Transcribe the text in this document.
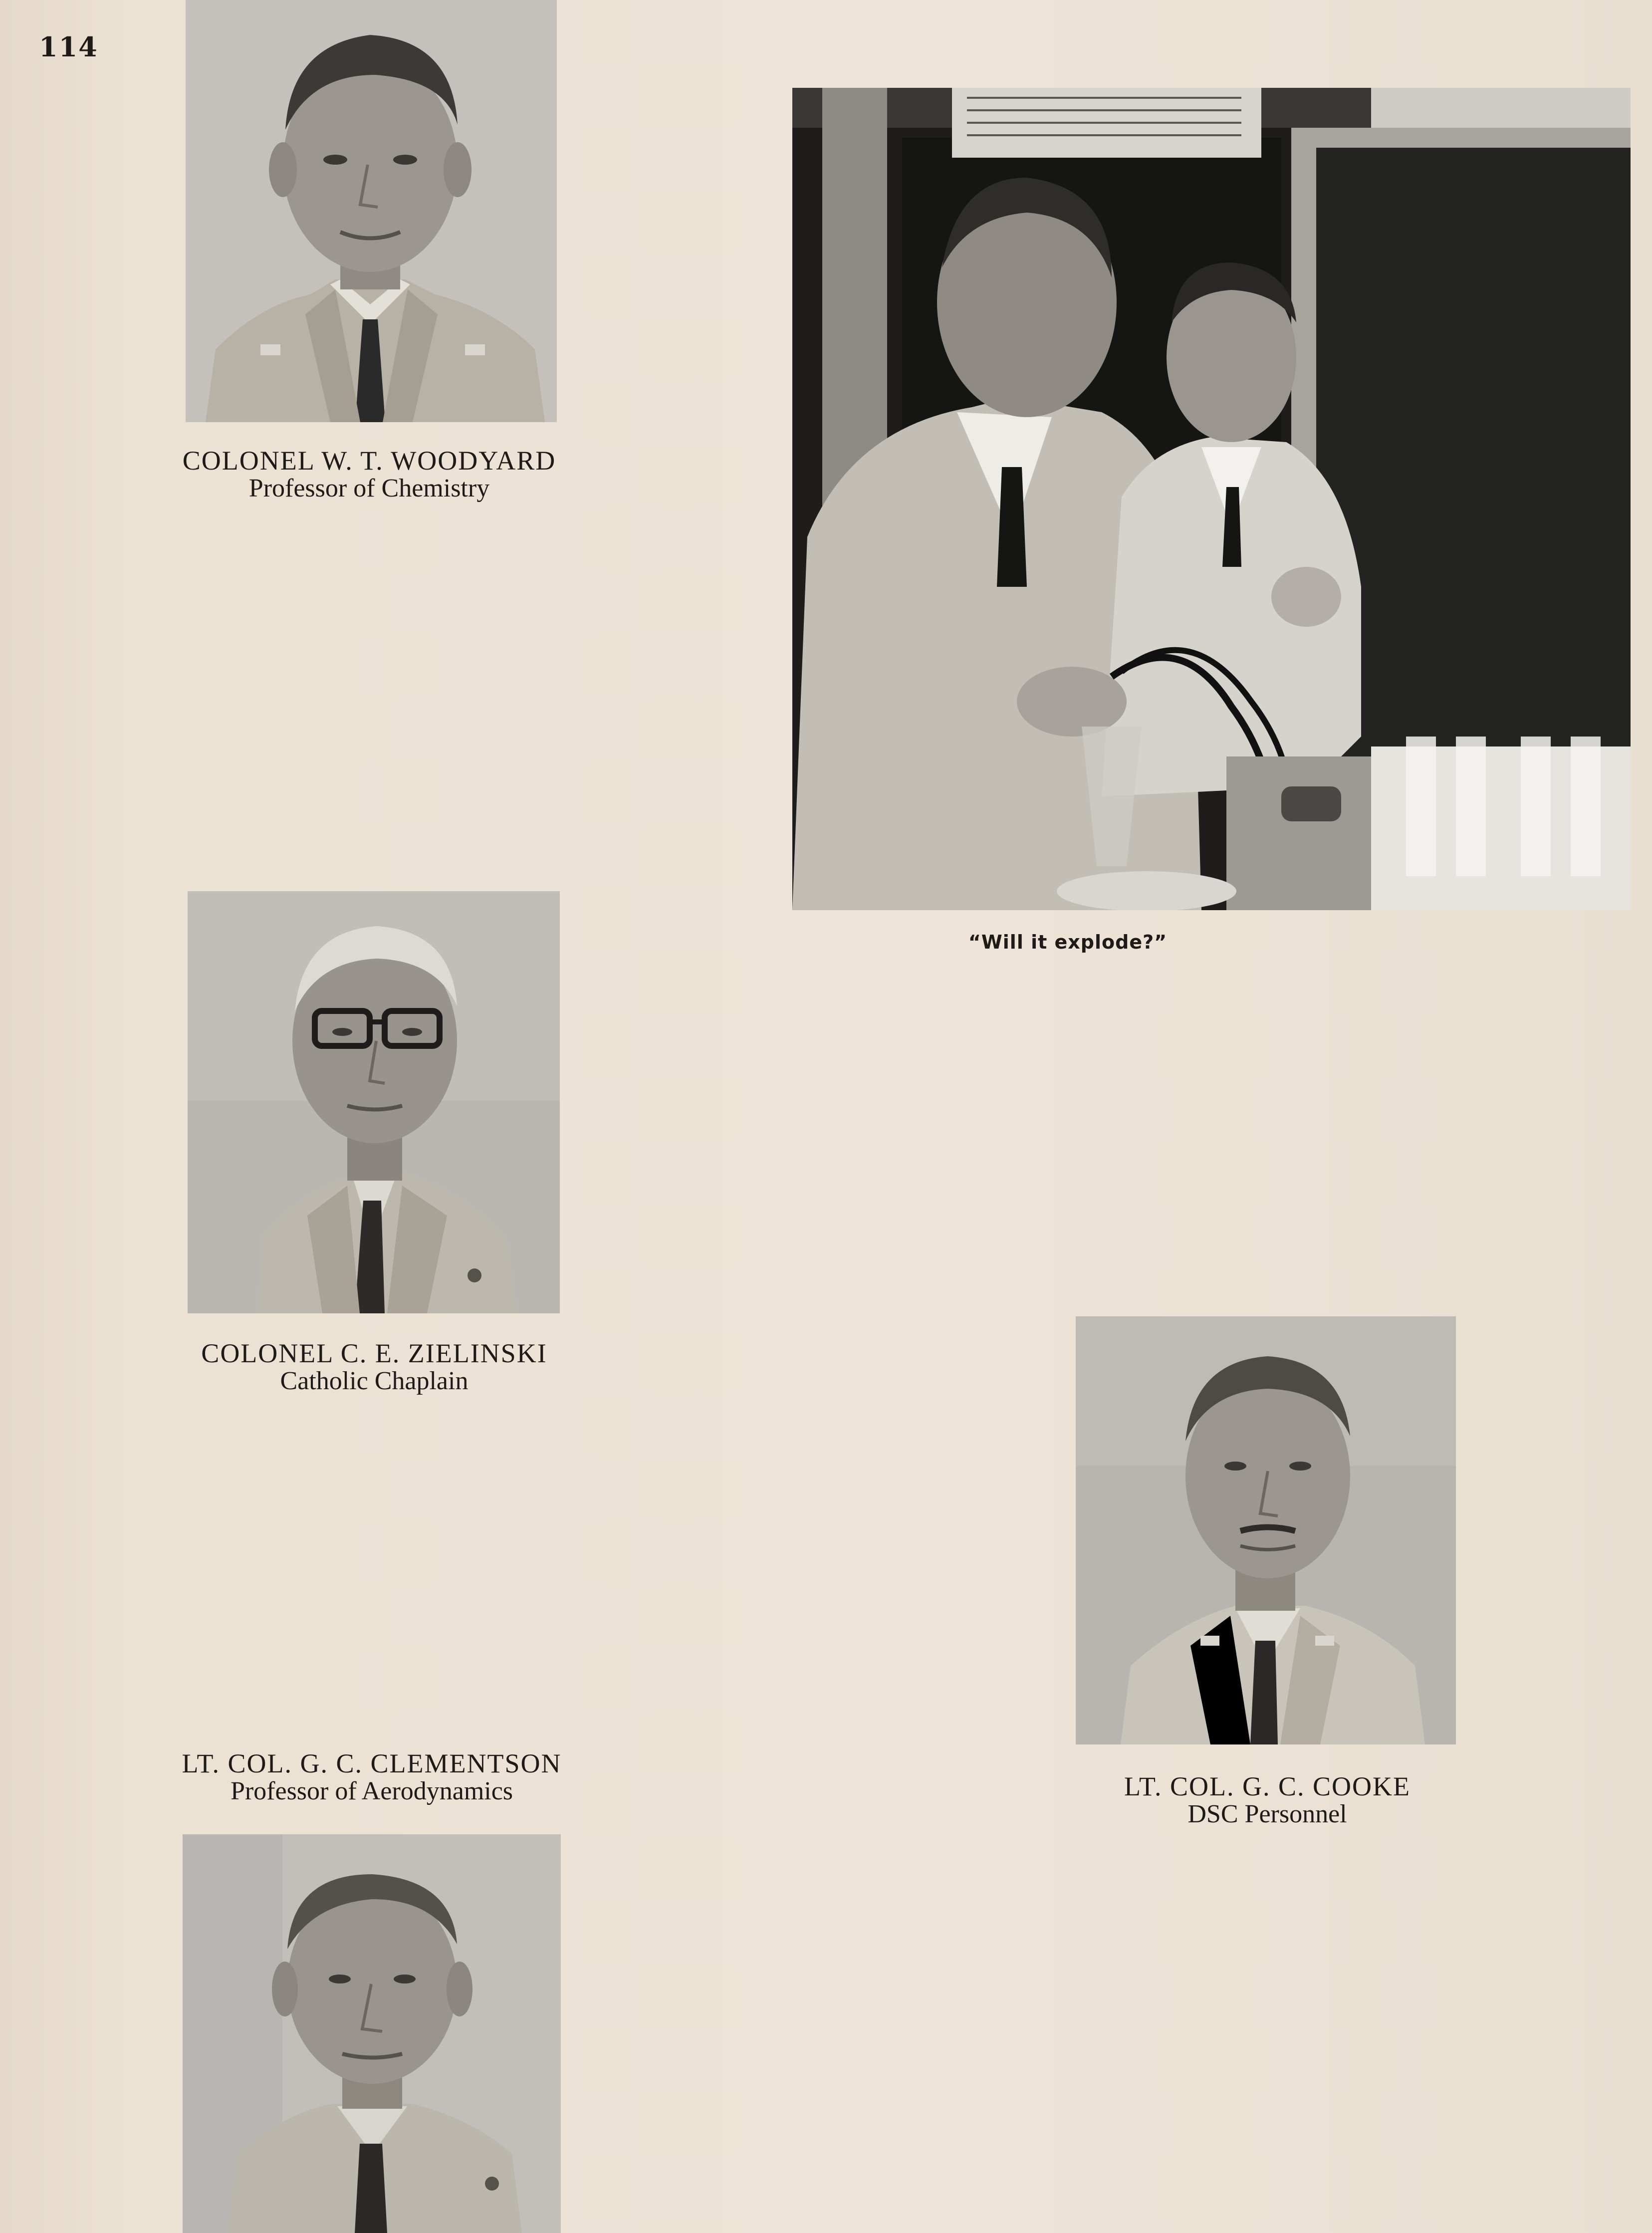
114
COLONEL W. T. WOODYARD
Professor of Chemistry
“Will it explode?”
COLONEL C. E. ZIELINSKI
Catholic Chaplain
LT. COL. G. C. CLEMENTSON
Professor of Aerodynamics	LT. COL. G. C. COOKE
DSC Personnel
